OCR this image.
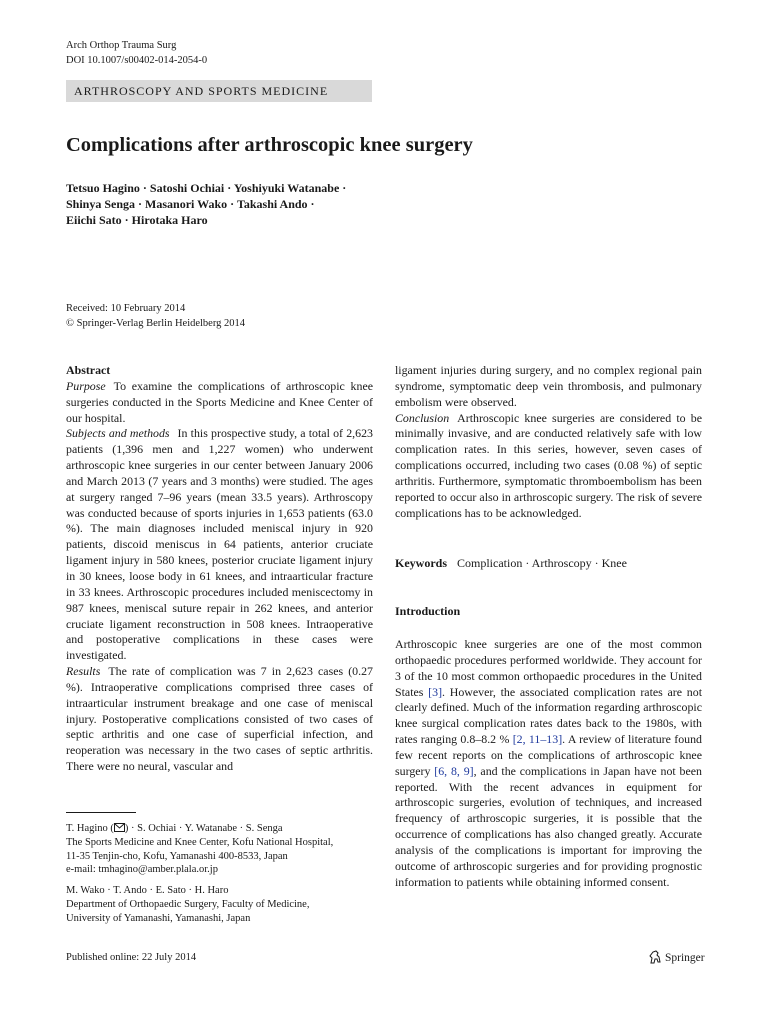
Arch Orthop Trauma Surg
DOI 10.1007/s00402-014-2054-0
ARTHROSCOPY AND SPORTS MEDICINE
Complications after arthroscopic knee surgery
Tetsuo Hagino · Satoshi Ochiai · Yoshiyuki Watanabe ·
Shinya Senga · Masanori Wako · Takashi Ando ·
Eiichi Sato · Hirotaka Haro
Received: 10 February 2014
© Springer-Verlag Berlin Heidelberg 2014

Abstract

Purpose To examine the complications of arthroscopic knee surgeries conducted in the Sports Medicine and Knee Center of our hospital.

Subjects and methods In this prospective study, a total of 2,623 patients (1,396 men and 1,227 women) who underwent arthroscopic knee surgeries in our center between January 2006 and March 2013 (7 years and 3 months) were studied. The ages at surgery ranged 7–96 years (mean 33.5 years). Arthroscopy was conducted because of sports injuries in 1,653 patients (63.0 %). The main diagnoses included meniscal injury in 920 patients, discoid meniscus in 64 patients, anterior cruciate ligament injury in 580 knees, posterior cruciate ligament injury in 30 knees, loose body in 61 knees, and intraarticular fracture in 33 knees. Arthroscopic procedures included meniscectomy in 987 knees, meniscal suture repair in 262 knees, and anterior cruciate ligament reconstruction in 508 knees. Intraoperative and postoperative complications in these cases were investigated.

Results The rate of complication was 7 in 2,623 cases (0.27 %). Intraoperative complications comprised three cases of intraarticular instrument breakage and one case of meniscal injury. Postoperative complications consisted of two cases of septic arthritis and one case of superficial infection, and reoperation was necessary in the two cases of septic arthritis. There were no neural, vascular and

ligament injuries during surgery, and no complex regional pain syndrome, symptomatic deep vein thrombosis, and pulmonary embolism were observed.

Conclusion Arthroscopic knee surgeries are considered to be minimally invasive, and are conducted relatively safe with low complication rates. In this series, however, seven cases of complications occurred, including two cases (0.08 %) of septic arthritis. Furthermore, symptomatic thromboembolism has been reported to occur also in arthroscopic surgery. The risk of severe complications has to be acknowledged.

Keywords Complication · Arthroscopy · Knee
Introduction

Arthroscopic knee surgeries are one of the most common orthopaedic procedures performed worldwide. They account for 3 of the 10 most common orthopaedic procedures in the United States [3]. However, the associated complication rates are not clearly defined. Much of the information regarding arthroscopic knee surgical complication rates dates back to the 1980s, with rates ranging 0.8–8.2 % [2, 11–13]. A review of literature found few recent reports on the complications of arthroscopic knee surgery [6, 8, 9], and the complications in Japan have not been reported. With the recent advances in equipment for arthroscopic surgeries, evolution of techniques, and increased frequency of arthroscopic surgeries, it is possible that the occurrence of complications has also changed greatly. Accurate analysis of the complications is important for improving the outcome of arthroscopic surgeries and for providing prognostic information to patients while obtaining informed consent.

T. Hagino ( ) · S. Ochiai · Y. Watanabe · S. Senga
The Sports Medicine and Knee Center, Kofu National Hospital,
11-35 Tenjin-cho, Kofu, Yamanashi 400-8533, Japan
e-mail: tmhagino@amber.plala.or.jp
M. Wako · T. Ando · E. Sato · H. Haro
Department of Orthopaedic Surgery, Faculty of Medicine,
University of Yamanashi, Yamanashi, Japan
Published online: 22 July 2014	Springer
